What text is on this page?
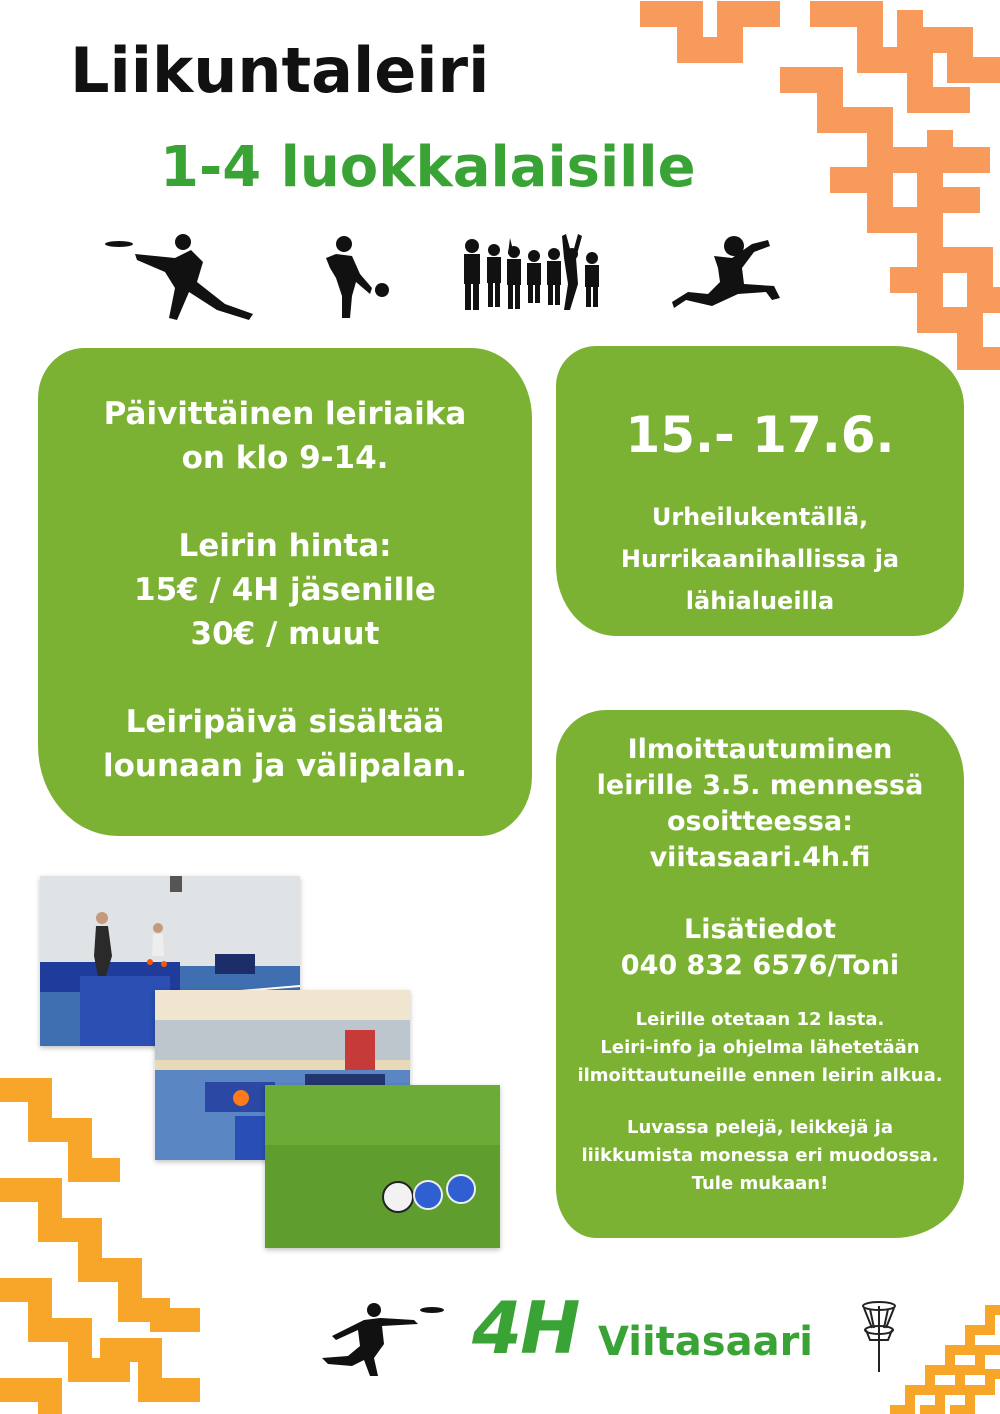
Liikuntaleiri
1-4 luokkalaisille

Päivittäinen leiriaika

on klo 9-14.

Leirin hinta:

15€ / 4H jäsenille

30€ / muut

Leiripäivä sisältää

lounaan ja välipalan.

15.- 17.6.
Urheilukentällä,
Hurrikaanihallissa ja
lähialueilla

Ilmoittautuminen

leirille 3.5. mennessä

osoitteessa:

viitasaari.4h.fi

Lisätiedot

040 832 6576/Toni

Leirille otetaan 12 lasta.

Leiri-info ja ohjelma lähetetään

ilmoittautuneille ennen leirin alkua.

Luvassa pelejä, leikkejä ja

liikkumista monessa eri muodossa.

Tule mukaan!

4H Viitasaari
